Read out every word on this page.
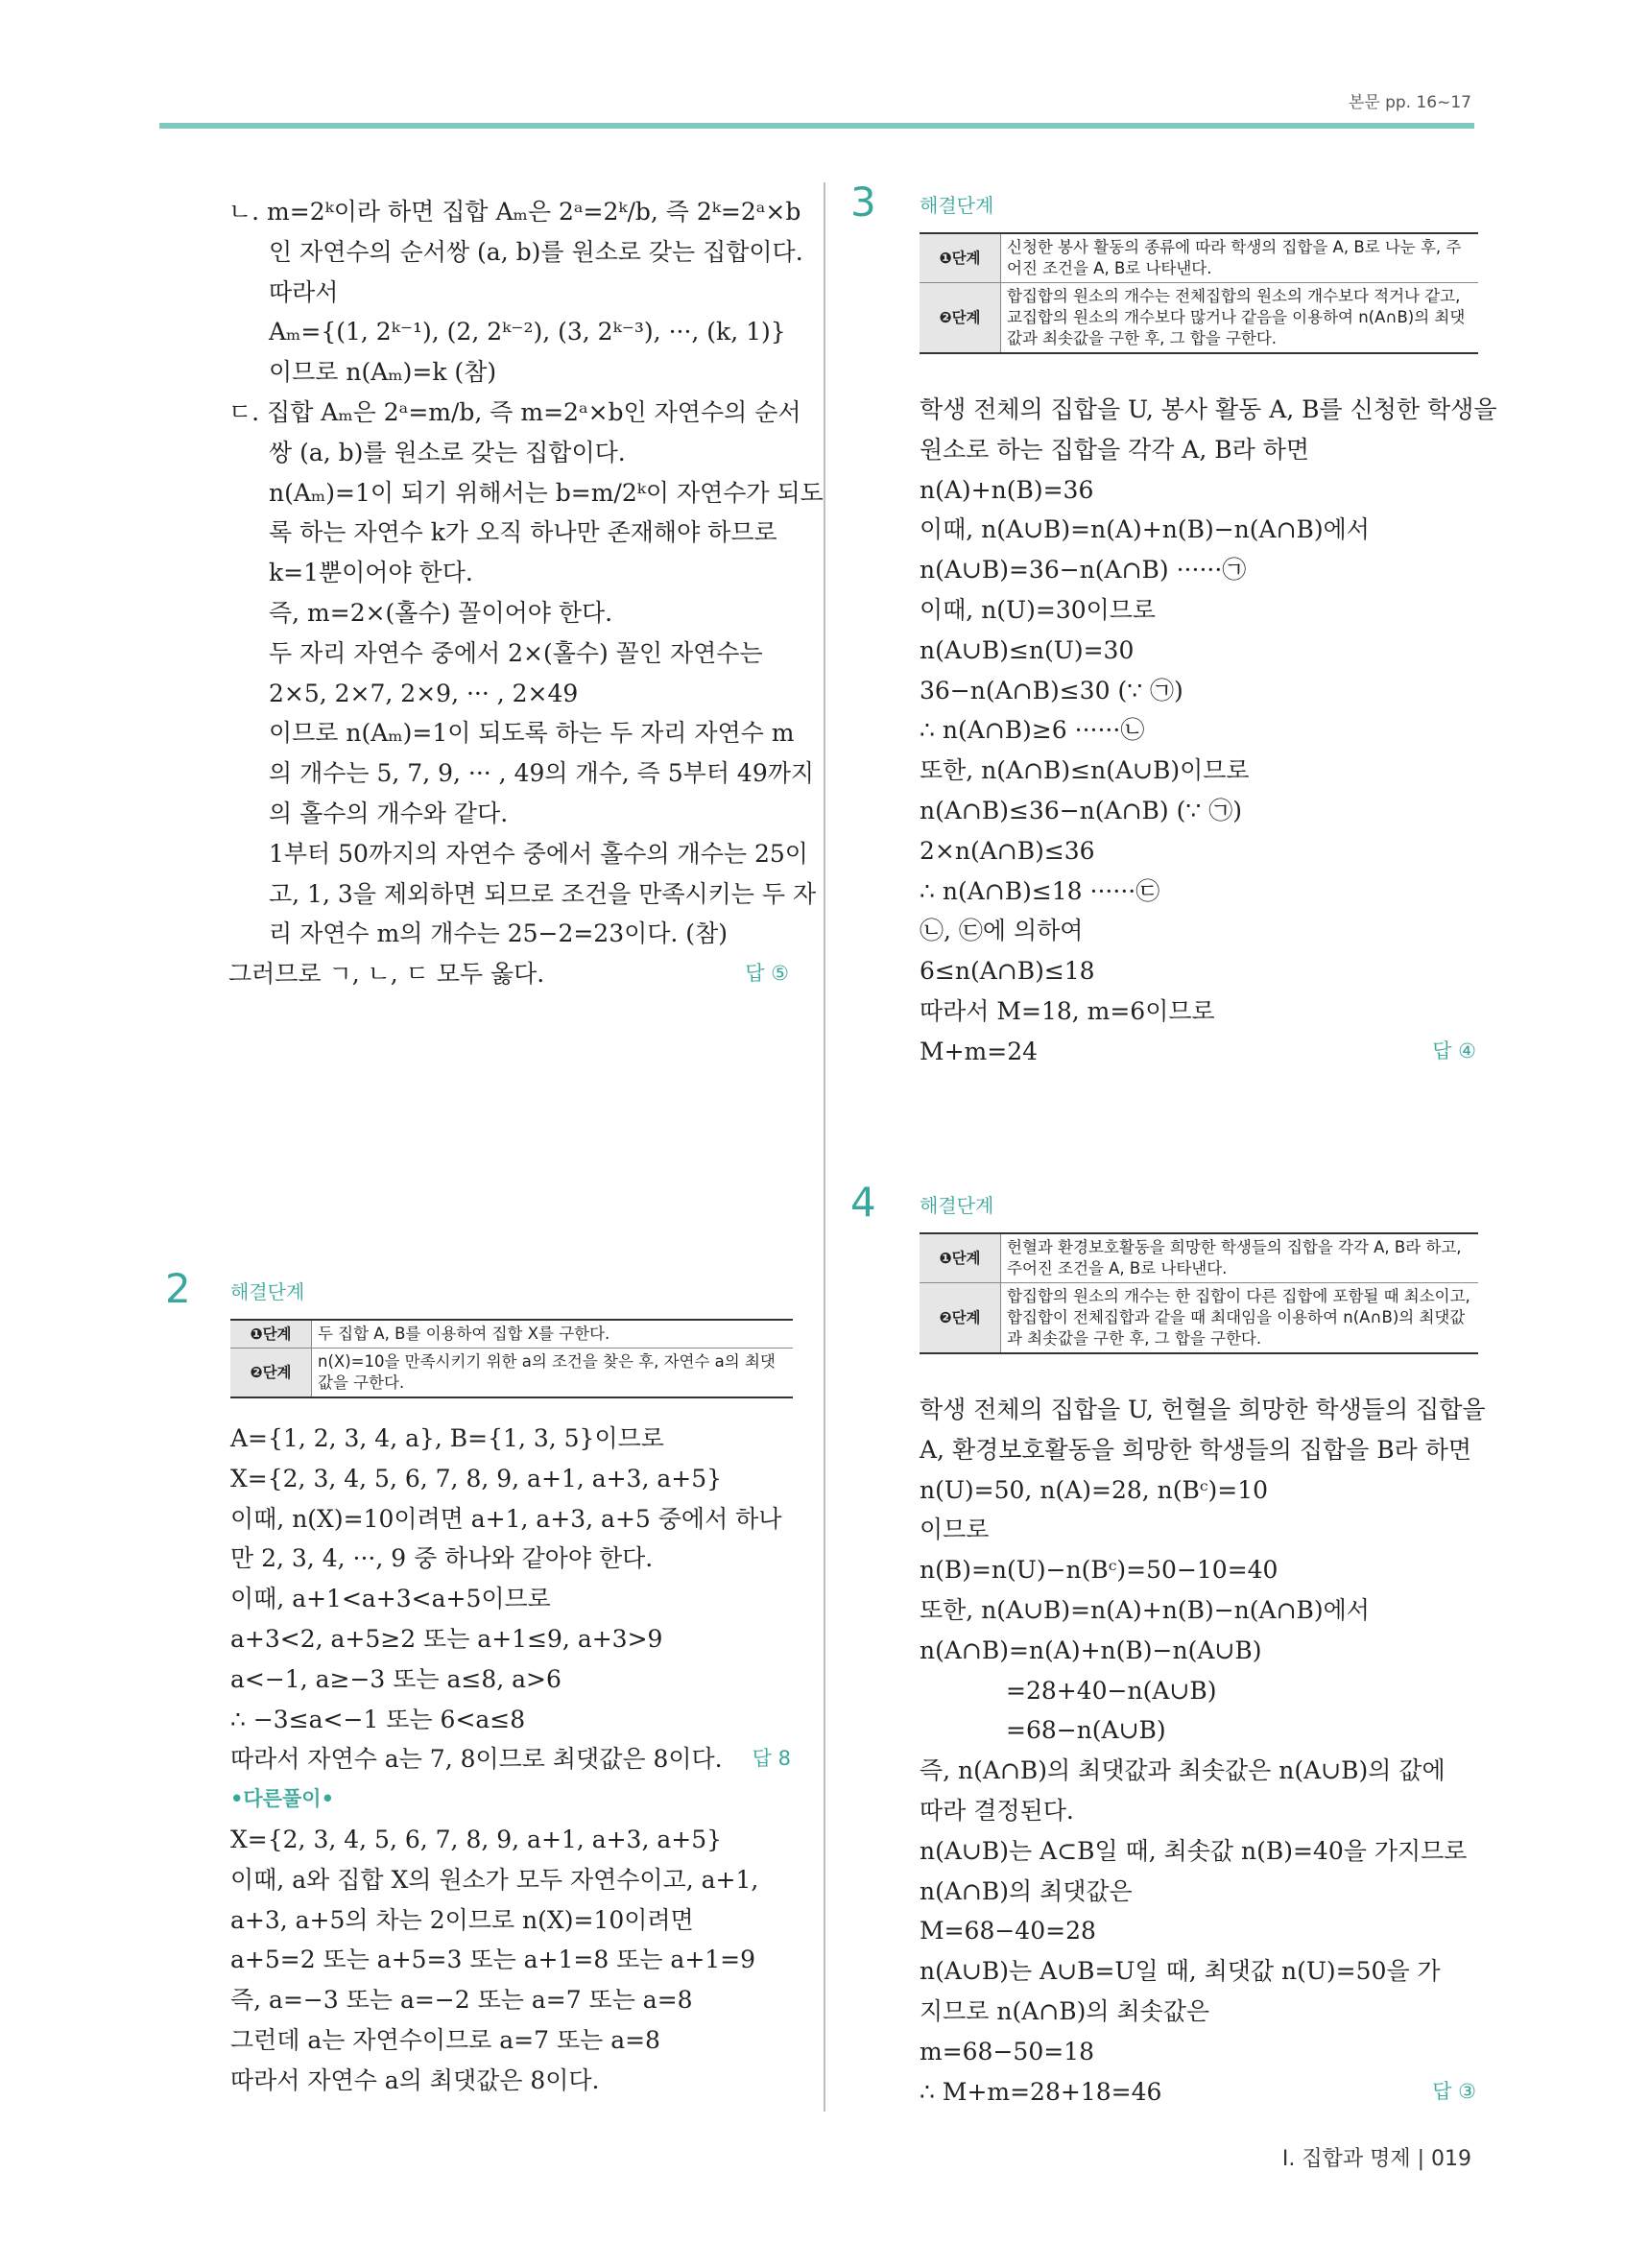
본문 pp. 16~17
ㄴ. m=2ᵏ이라 하면 집합 Aₘ은 2ᵃ=2ᵏ/b, 즉 2ᵏ=2ᵃ×b
인 자연수의 순서쌍 (a, b)를 원소로 갖는 집합이다.
따라서
Aₘ={(1, 2ᵏ⁻¹), (2, 2ᵏ⁻²), (3, 2ᵏ⁻³), ···, (k, 1)}
이므로 n(Aₘ)=k (참)
ㄷ. 집합 Aₘ은 2ᵃ=m/b, 즉 m=2ᵃ×b인 자연수의 순서
쌍 (a, b)를 원소로 갖는 집합이다.
n(Aₘ)=1이 되기 위해서는 b=m/2ᵏ이 자연수가 되도
록 하는 자연수 k가 오직 하나만 존재해야 하므로
k=1뿐이어야 한다.
즉, m=2×(홀수) 꼴이어야 한다.
두 자리 자연수 중에서 2×(홀수) 꼴인 자연수는
2×5, 2×7, 2×9, ··· , 2×49
이므로 n(Aₘ)=1이 되도록 하는 두 자리 자연수 m
의 개수는 5, 7, 9, ··· , 49의 개수, 즉 5부터 49까지
의 홀수의 개수와 같다.
1부터 50까지의 자연수 중에서 홀수의 개수는 25이
고, 1, 3을 제외하면 되므로 조건을 만족시키는 두 자
리 자연수 m의 개수는 25−2=23이다. (참)
그러므로 ㄱ, ㄴ, ㄷ 모두 옳다.	답 ⑤
2 해결단계
❶단계	두 집합 A, B를 이용하여 집합 X를 구한다.
❷단계	n(X)=10을 만족시키기 위한 a의 조건을 찾은 후, 자연수 a의 최댓값을 구한다.
A={1, 2, 3, 4, a}, B={1, 3, 5}이므로
X={2, 3, 4, 5, 6, 7, 8, 9, a+1, a+3, a+5}
이때, n(X)=10이려면 a+1, a+3, a+5 중에서 하나
만 2, 3, 4, ···, 9 중 하나와 같아야 한다.
이때, a+1<a+3<a+5이므로
a+3<2, a+5≥2 또는 a+1≤9, a+3>9
a<−1, a≥−3 또는 a≤8, a>6
∴ −3≤a<−1 또는 6<a≤8
따라서 자연수 a는 7, 8이므로 최댓값은 8이다. 답 8
•다른풀이•
X={2, 3, 4, 5, 6, 7, 8, 9, a+1, a+3, a+5}
이때, a와 집합 X의 원소가 모두 자연수이고, a+1,
a+3, a+5의 차는 2이므로 n(X)=10이려면
a+5=2 또는 a+5=3 또는 a+1=8 또는 a+1=9
즉, a=−3 또는 a=−2 또는 a=7 또는 a=8
그런데 a는 자연수이므로 a=7 또는 a=8
따라서 자연수 a의 최댓값은 8이다.
3 해결단계
❶단계	신청한 봉사 활동의 종류에 따라 학생의 집합을 A, B로 나눈 후, 주어진 조건을 A, B로 나타낸다.
❷단계	합집합의 원소의 개수는 전체집합의 원소의 개수보다 적거나 같고, 교집합의 원소의 개수보다 많거나 같음을 이용하여 n(A∩B)의 최댓값과 최솟값을 구한 후, 그 합을 구한다.
학생 전체의 집합을 U, 봉사 활동 A, B를 신청한 학생을
원소로 하는 집합을 각각 A, B라 하면
n(A)+n(B)=36
이때, n(A∪B)=n(A)+n(B)−n(A∩B)에서
n(A∪B)=36−n(A∩B) ······㉠
이때, n(U)=30이므로
n(A∪B)≤n(U)=30
36−n(A∩B)≤30 (∵ ㉠)
∴ n(A∩B)≥6 ······㉡
또한, n(A∩B)≤n(A∪B)이므로
n(A∩B)≤36−n(A∩B) (∵ ㉠)
2×n(A∩B)≤36
∴ n(A∩B)≤18 ······㉢
㉡, ㉢에 의하여
6≤n(A∩B)≤18
따라서 M=18, m=6이므로
M+m=24	답 ④
4 해결단계
❶단계	헌혈과 환경보호활동을 희망한 학생들의 집합을 각각 A, B라 하고, 주어진 조건을 A, B로 나타낸다.
❷단계	합집합의 원소의 개수는 한 집합이 다른 집합에 포함될 때 최소이고, 합집합이 전체집합과 같을 때 최대임을 이용하여 n(A∩B)의 최댓값과 최솟값을 구한 후, 그 합을 구한다.
학생 전체의 집합을 U, 헌혈을 희망한 학생들의 집합을
A, 환경보호활동을 희망한 학생들의 집합을 B라 하면
n(U)=50, n(A)=28, n(Bᶜ)=10
이므로
n(B)=n(U)−n(Bᶜ)=50−10=40
또한, n(A∪B)=n(A)+n(B)−n(A∩B)에서
n(A∩B)=n(A)+n(B)−n(A∪B)
=28+40−n(A∪B)
=68−n(A∪B)
즉, n(A∩B)의 최댓값과 최솟값은 n(A∪B)의 값에
따라 결정된다.
n(A∪B)는 A⊂B일 때, 최솟값 n(B)=40을 가지므로
n(A∩B)의 최댓값은
M=68−40=28
n(A∪B)는 A∪B=U일 때, 최댓값 n(U)=50을 가
지므로 n(A∩B)의 최솟값은
m=68−50=18
∴ M+m=28+18=46	답 ③
Ⅰ. 집합과 명제 | 019
